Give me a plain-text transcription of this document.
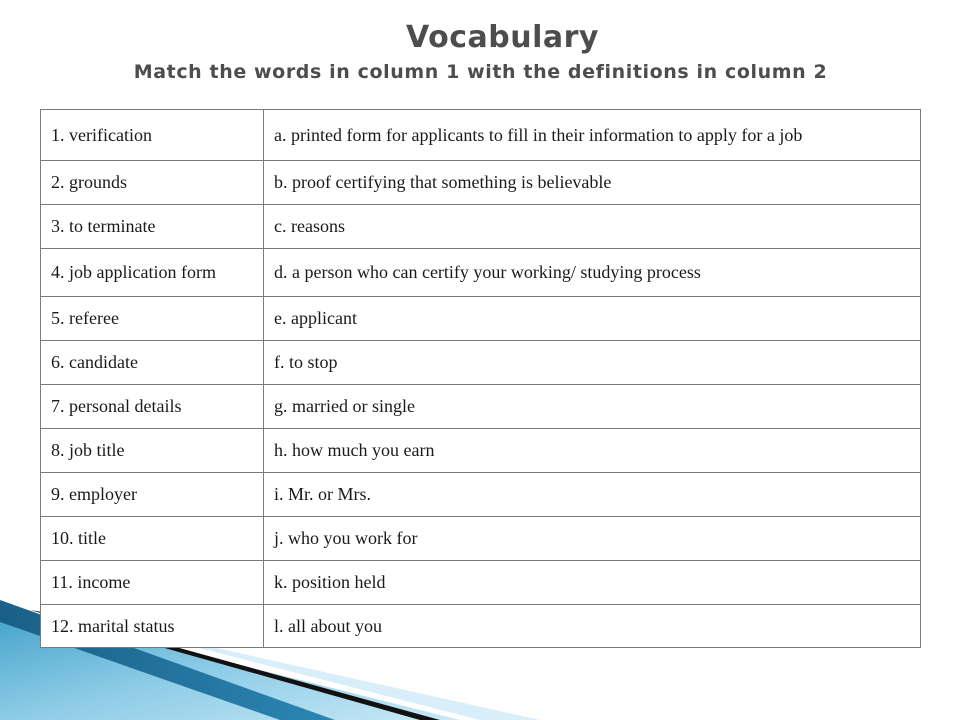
Vocabulary
Match the words in column 1 with the definitions in column 2
1. verification	a. printed form for applicants to fill in their information to apply for a job
2. grounds	b. proof certifying that something is believable
3. to terminate	c. reasons
4. job application form	d. a person who can certify your working/ studying process
5. referee	e. applicant
6. candidate	f. to stop
7. personal details	g. married or single
8. job title	h. how much you earn
9. employer	i. Mr. or Mrs.
10. title	j. who you work for
11. income	k. position held
12. marital status	l. all about you
